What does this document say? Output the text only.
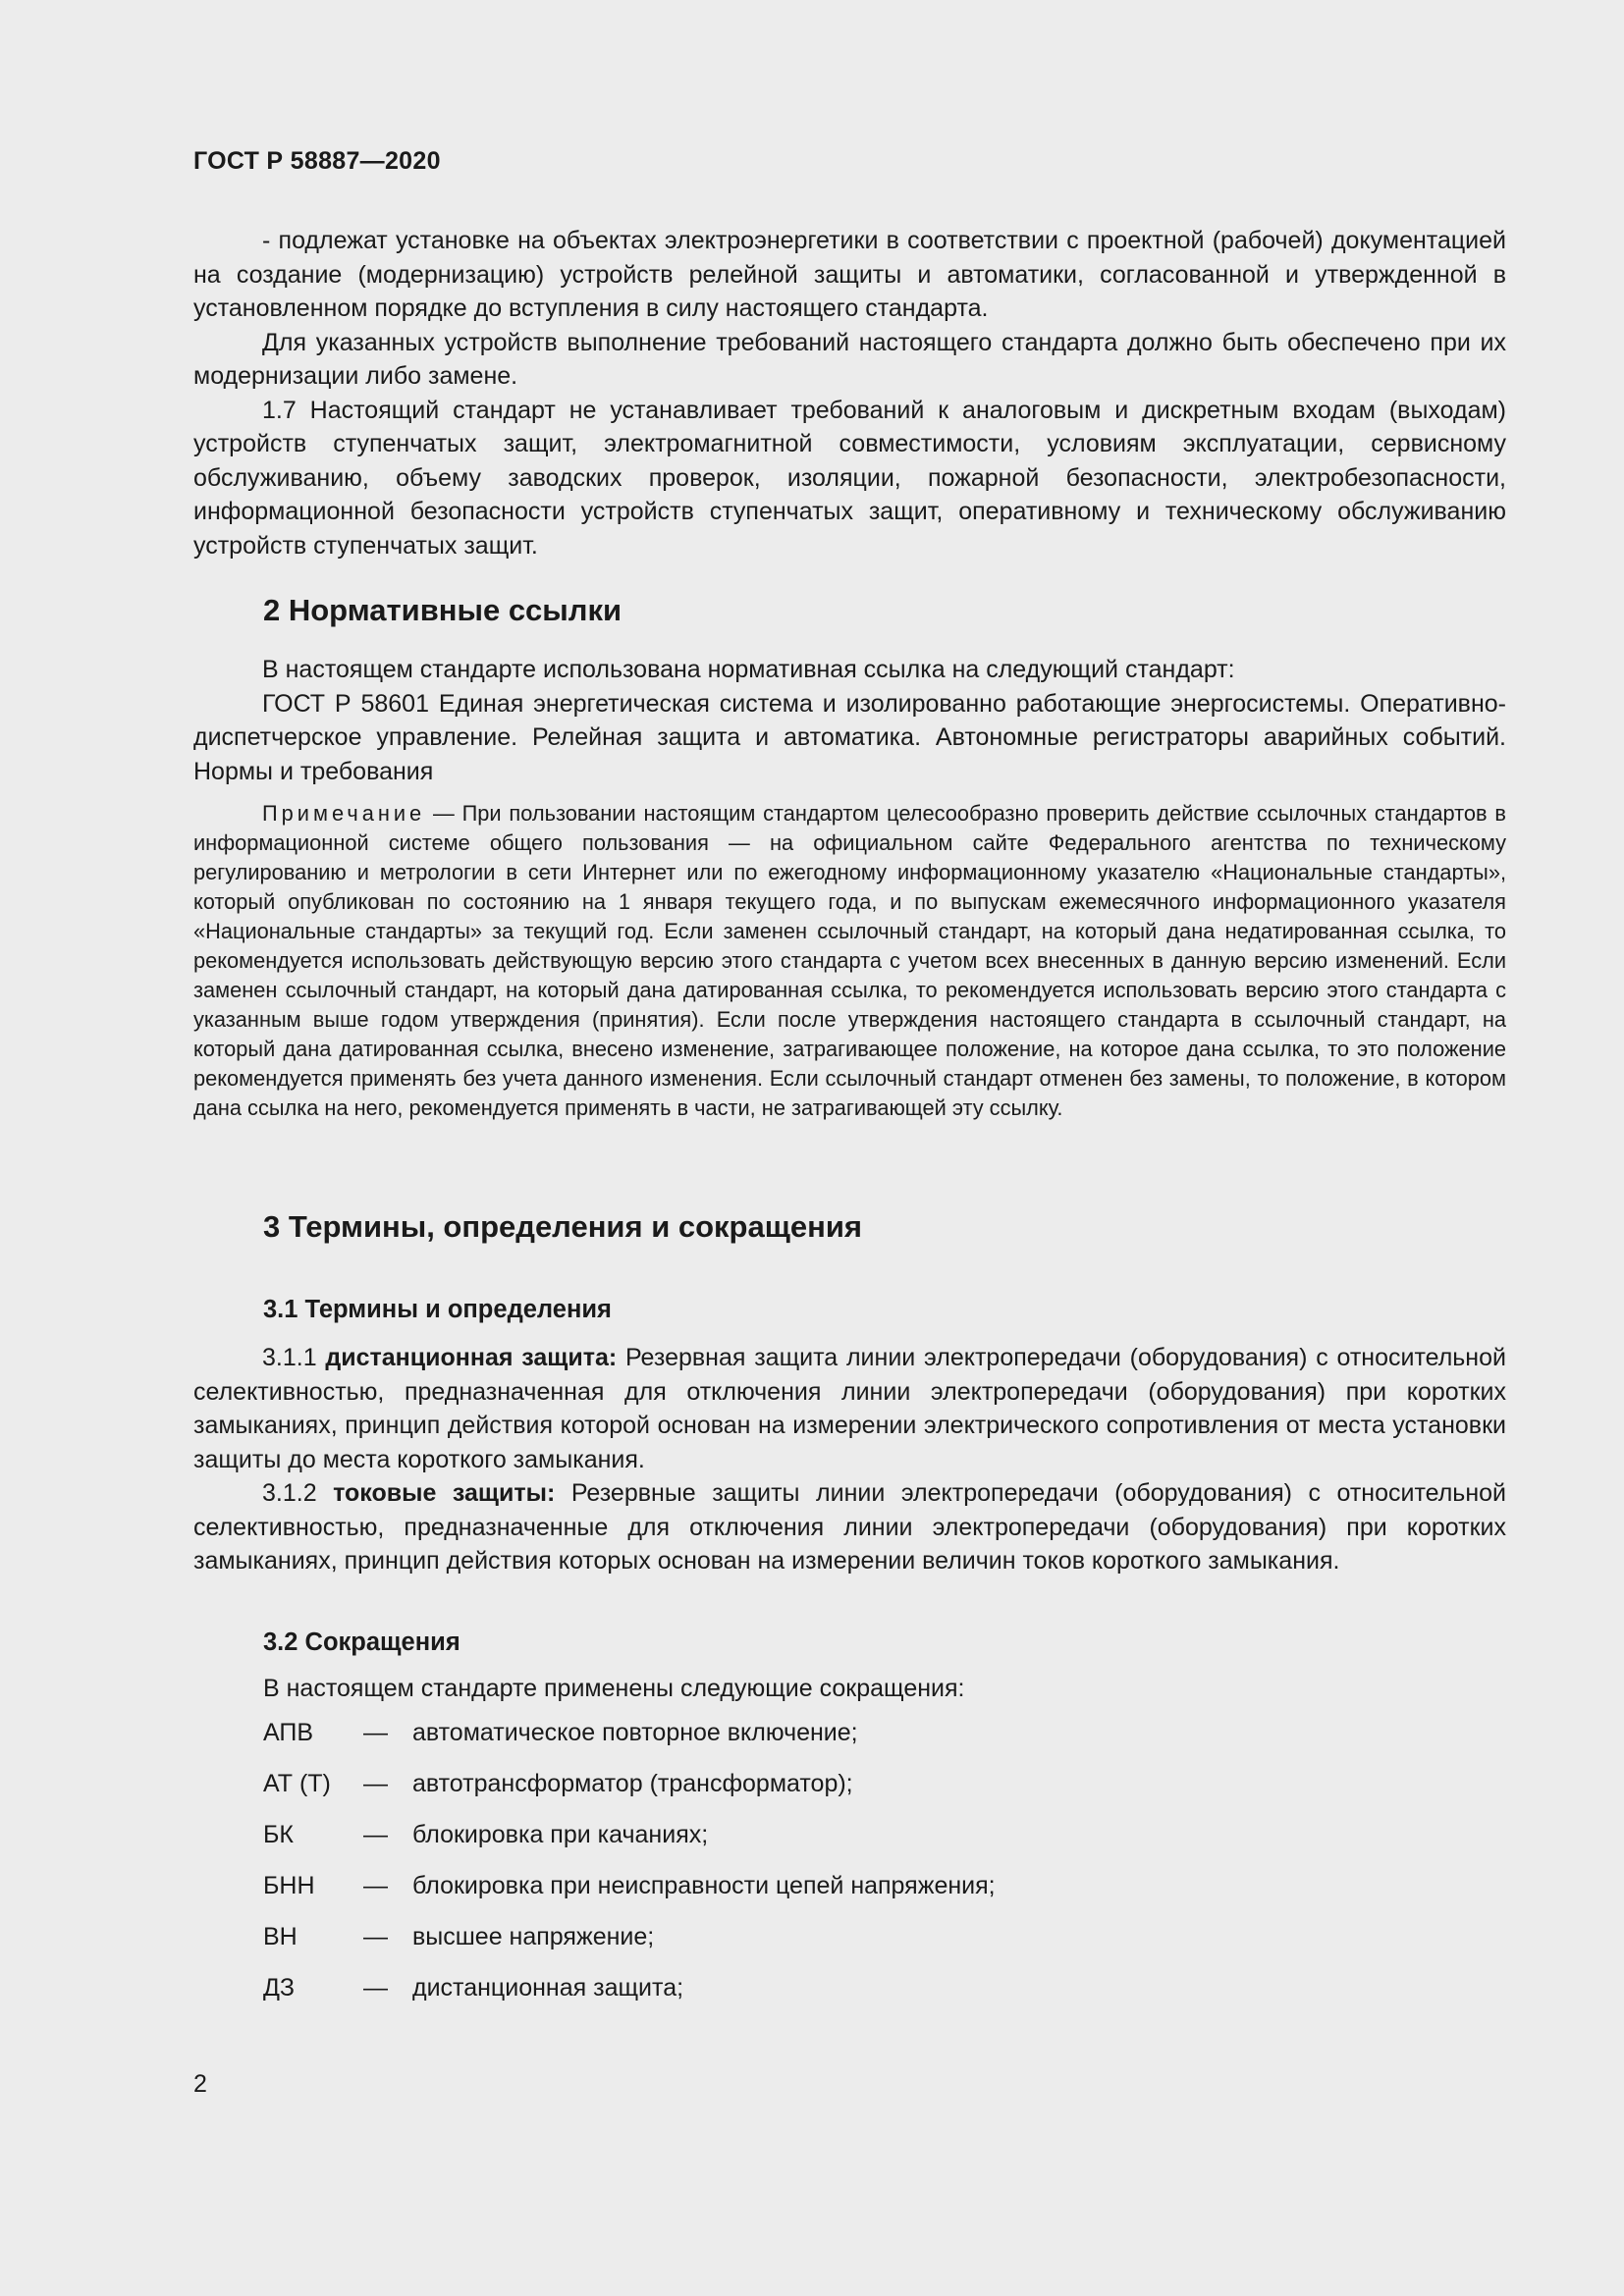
ГОСТ Р 58887—2020

- подлежат установке на объектах электроэнергетики в соответствии с проектной (рабочей) документацией на создание (модернизацию) устройств релейной защиты и автоматики, согласованной и утвержденной в установленном порядке до вступления в силу настоящего стандарта.

Для указанных устройств выполнение требований настоящего стандарта должно быть обеспечено при их модернизации либо замене.

1.7 Настоящий стандарт не устанавливает требований к аналоговым и дискретным входам (выходам) устройств ступенчатых защит, электромагнитной совместимости, условиям эксплуатации, сервисному обслуживанию, объему заводских проверок, изоляции, пожарной безопасности, электробезопасности, информационной безопасности устройств ступенчатых защит, оперативному и техническому обслуживанию устройств ступенчатых защит.

2 Нормативные ссылки

В настоящем стандарте использована нормативная ссылка на следующий стандарт:

ГОСТ Р 58601 Единая энергетическая система и изолированно работающие энергосистемы. Оперативно-диспетчерское управление. Релейная защита и автоматика. Автономные регистраторы аварийных событий. Нормы и требования

Примечание — При пользовании настоящим стандартом целесообразно проверить действие ссылочных стандартов в информационной системе общего пользования — на официальном сайте Федерального агентства по техническому регулированию и метрологии в сети Интернет или по ежегодному информационному указателю «Национальные стандарты», который опубликован по состоянию на 1 января текущего года, и по выпускам ежемесячного информационного указателя «Национальные стандарты» за текущий год. Если заменен ссылочный стандарт, на который дана недатированная ссылка, то рекомендуется использовать действующую версию этого стандарта с учетом всех внесенных в данную версию изменений. Если заменен ссылочный стандарт, на который дана датированная ссылка, то рекомендуется использовать версию этого стандарта с указанным выше годом утверждения (принятия). Если после утверждения настоящего стандарта в ссылочный стандарт, на который дана датированная ссылка, внесено изменение, затрагивающее положение, на которое дана ссылка, то это положение рекомендуется применять без учета данного изменения. Если ссылочный стандарт отменен без замены, то положение, в котором дана ссылка на него, рекомендуется применять в части, не затрагивающей эту ссылку.

3 Термины, определения и сокращения
3.1 Термины и определения

3.1.1 дистанционная защита: Резервная защита линии электропередачи (оборудования) с относительной селективностью, предназначенная для отключения линии электропередачи (оборудования) при коротких замыканиях, принцип действия которой основан на измерении электрического сопротивления от места установки защиты до места короткого замыкания.

3.1.2 токовые защиты: Резервные защиты линии электропередачи (оборудования) с относительной селективностью, предназначенные для отключения линии электропередачи (оборудования) при коротких замыканиях, принцип действия которых основан на измерении величин токов короткого замыкания.

3.2 Сокращения
В настоящем стандарте применены следующие сокращения:
АПВ	—	автоматическое повторное включение;
АТ (Т)	—	автотрансформатор (трансформатор);
БК	—	блокировка при качаниях;
БНН	—	блокировка при неисправности цепей напряжения;
ВН	—	высшее напряжение;
ДЗ	—	дистанционная защита;
2
